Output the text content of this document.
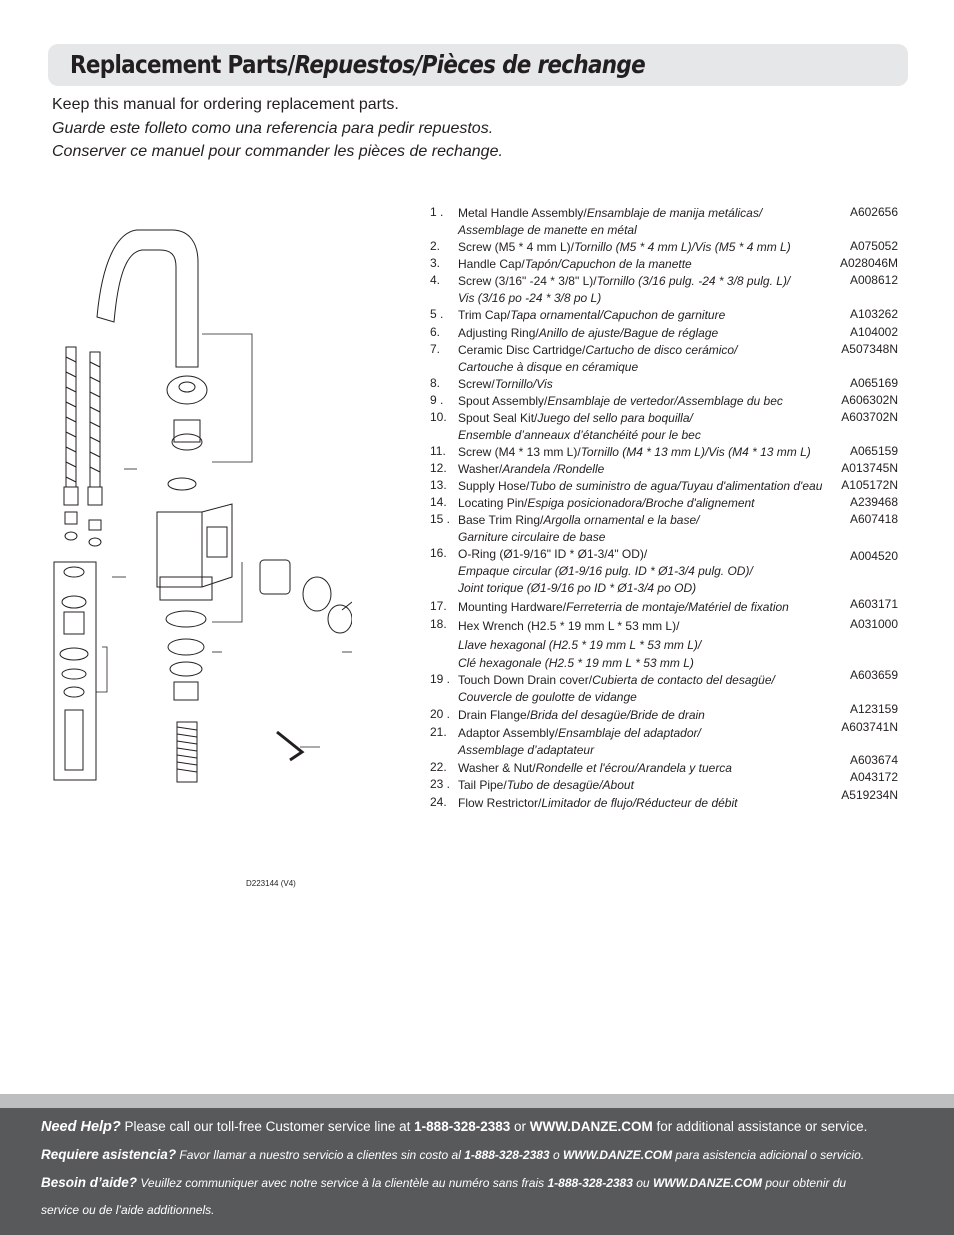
Replacement Parts/Repuestos/Pièces de rechange
Keep this manual for ordering replacement parts.
Guarde este folleto como una referencia para pedir repuestos.
Conserver ce manuel pour commander les pièces de rechange.
1 . Metal Handle Assembly/Ensamblaje de manija metálicas/
Assemblage de manette en métal
A602656
2. Screw (M5 * 4 mm L)/Tornillo (M5 * 4 mm L)/Vis (M5 * 4 mm L)	A075052
3. Handle Cap/Tapón/Capuchon de la manette	A028046M
4. Screw (3/16" -24 * 3/8" L)/Tornillo (3/16 pulg. -24 * 3/8 pulg. L)/
Vis (3/16 po -24 * 3/8 po L)
A008612
5 . Trim Cap/Tapa ornamental/Capuchon de garniture	A103262
6. Adjusting Ring/Anillo de ajuste/Bague de réglage	A104002
7. Ceramic Disc Cartridge/Cartucho de disco cerámico/
Cartouche à disque en céramique
A507348N
8. Screw/Tornillo/Vis	A065169
9 . Spout Assembly/Ensamblaje de vertedor/Assemblage du bec	A606302N
10. Spout Seal Kit/Juego del sello para boquilla/
Ensemble d’anneaux d’étanchéité pour le bec
A603702N
11. Screw (M4 * 13 mm L)/Tornillo (M4 * 13 mm L)/Vis (M4 * 13 mm L)	A065159
12. Washer/Arandela /Rondelle	A013745N
13. Supply Hose/Tubo de suministro de agua/Tuyau d'alimentation d'eau A105172N
14. Locating Pin/Espiga posicionadora/Broche d'alignement	A239468
15 . Base Trim Ring/Argolla ornamental e la base/
Garniture circulaire de base
A607418
16. O-Ring (Ø1-9/16" ID * Ø1-3/4" OD)/
Empaque circular (Ø1-9/16 pulg. ID * Ø1-3/4 pulg. OD)/
Joint torique (Ø1-9/16 po ID * Ø1-3/4 po OD)
A004520
17. Mounting Hardware/Ferreterria de montaje/Matériel de fixation	A603171
18. Hex Wrench (H2.5 * 19 mm L * 53 mm L)/
Llave hexagonal (H2.5 * 19 mm L * 53 mm L)/
Clé hexagonale (H2.5 * 19 mm L * 53 mm L)
A031000
19 . Touch Down Drain cover/Cubierta de contacto del desagüe/
Couvercle de goulotte de vidange
A603659
20 . Drain Flange/Brida del desagüe/Bride de drain	A123159
21. Adaptor Assembly/Ensamblaje del adaptador/
Assemblage d’adaptateur
A603741N
22. Washer & Nut/Rondelle et l'écrou/Arandela y tuerca
A603674
23 . Tail Pipe/Tubo de desagüe/About
A043172
24. Flow Restrictor/Limitador de flujo/Réducteur de débit
A519234N
D223144 (V4)
Need Help? Please call our toll-free Customer service line at 1-888-328-2383 or WWW.DANZE.COM for additional assistance or service.
Requiere asistencia? Favor llamar a nuestro servicio a clientes sin costo al 1-888-328-2383 o WWW.DANZE.COM para asistencia adicional o servicio.
Besoin d’aide? Veuillez communiquer avec notre service à la clientèle au numéro sans frais 1-888-328-2383 ou WWW.DANZE.COM pour obtenir du
service ou de l’aide additionnels.
